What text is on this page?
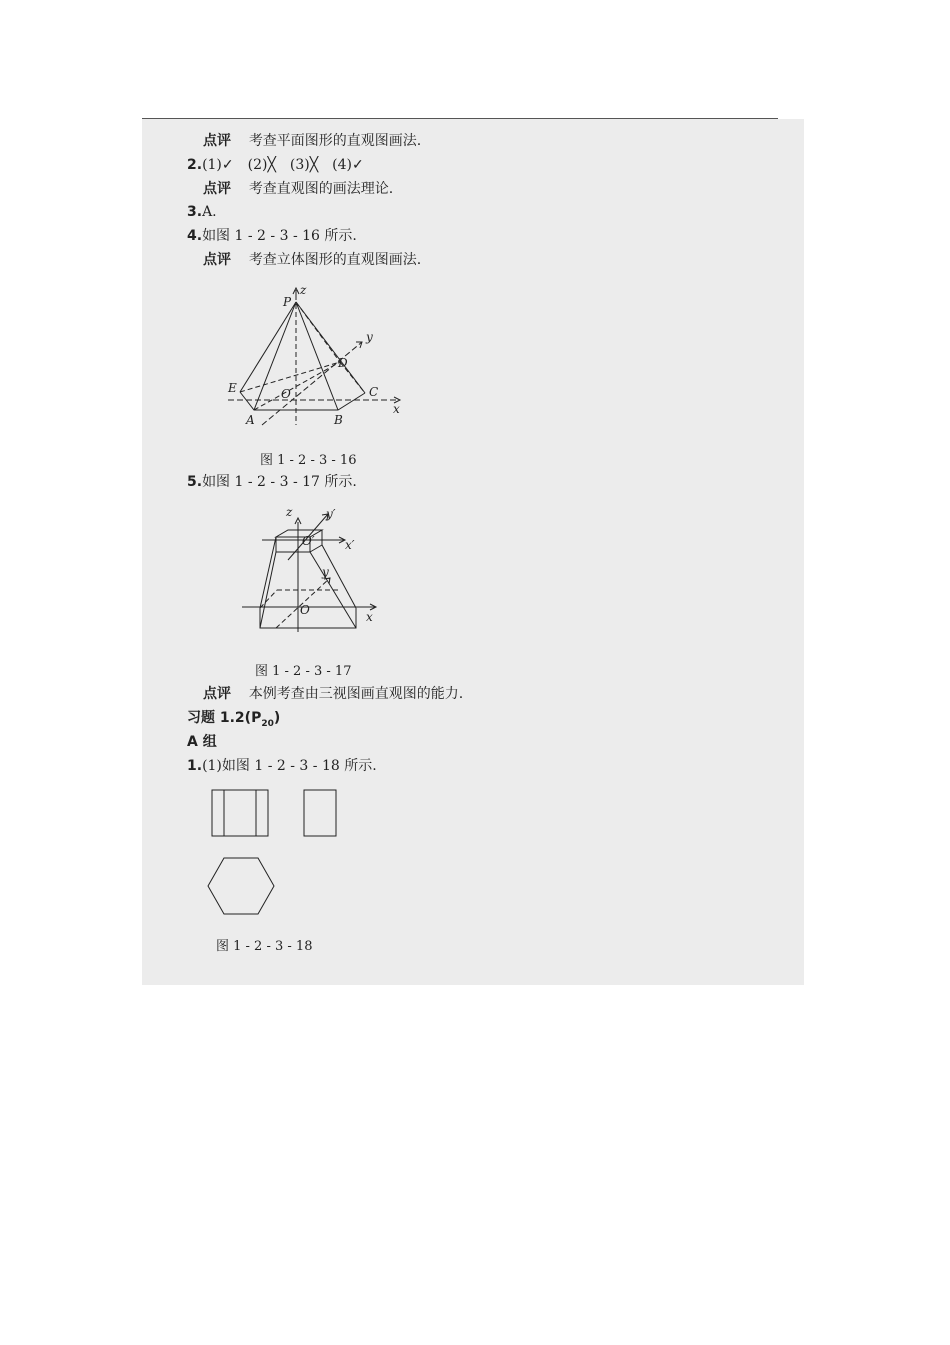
点评 考查平面图形的直观图画法.
2.(1)✓　(2)╳　(3)╳　(4)✓
点评 考查直观图的画法理论.
3.A.
4.如图 1 - 2 - 3 - 16 所示.
点评 考查立体图形的直观图画法.
P
z
y
D
E	O	C
x
A	B
图 1 - 2 - 3 - 16
5.如图 1 - 2 - 3 - 17 所示.
z	y′
O′	x′
y
O	x
图 1 - 2 - 3 - 17
点评 本例考查由三视图画直观图的能力.
习题 $1.2(P_{20})$
A 组
1.(1)如图 1 - 2 - 3 - 18 所示.
图 1 - 2 - 3 - 18
